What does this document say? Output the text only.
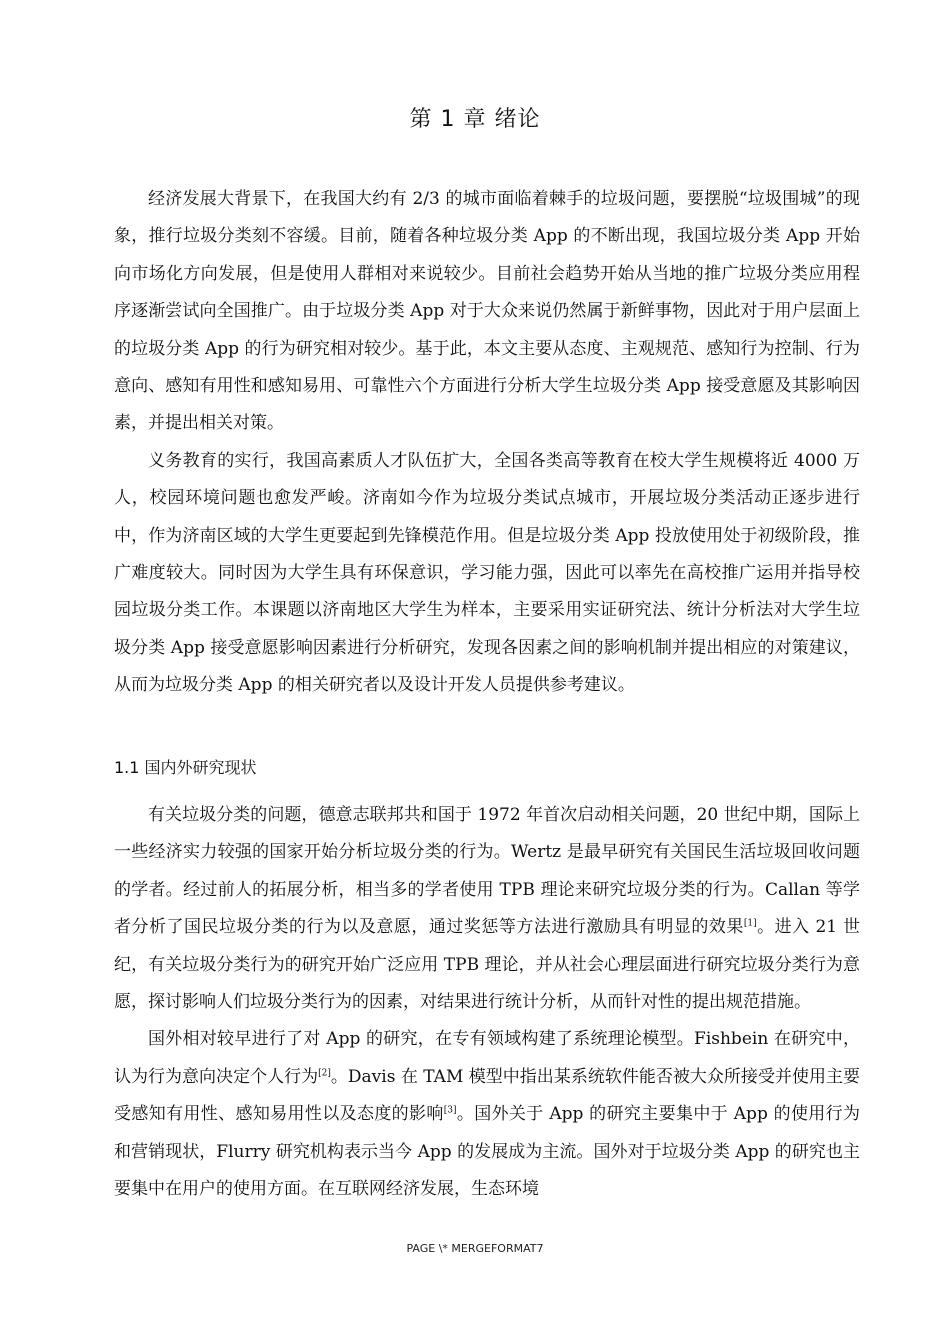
第 1 章 绪论

经济发展大背景下，在我国大约有 2/3 的城市面临着棘手的垃圾问题，要摆脱“垃圾围城”的现象，推行垃圾分类刻不容缓。目前，随着各种垃圾分类 App 的不断出现，我国垃圾分类 App 开始向市场化方向发展，但是使用人群相对来说较少。目前社会趋势开始从当地的推广垃圾分类应用程序逐渐尝试向全国推广。由于垃圾分类 App 对于大众来说仍然属于新鲜事物，因此对于用户层面上的垃圾分类 App 的行为研究相对较少。基于此，本文主要从态度、主观规范、感知行为控制、行为意向、感知有用性和感知易用、可靠性六个方面进行分析大学生垃圾分类 App 接受意愿及其影响因素，并提出相关对策。

义务教育的实行，我国高素质人才队伍扩大，全国各类高等教育在校大学生规模将近 4000 万人，校园环境问题也愈发严峻。济南如今作为垃圾分类试点城市，开展垃圾分类活动正逐步进行中，作为济南区域的大学生更要起到先锋模范作用。但是垃圾分类 App 投放使用处于初级阶段，推广难度较大。同时因为大学生具有环保意识，学习能力强，因此可以率先在高校推广运用并指导校园垃圾分类工作。本课题以济南地区大学生为样本，主要采用实证研究法、统计分析法对大学生垃圾分类 App 接受意愿影响因素进行分析研究，发现各因素之间的影响机制并提出相应的对策建议，从而为垃圾分类 App 的相关研究者以及设计开发人员提供参考建议。

1.1 国内外研究现状

有关垃圾分类的问题，德意志联邦共和国于 1972 年首次启动相关问题，20 世纪中期，国际上一些经济实力较强的国家开始分析垃圾分类的行为。Wertz 是最早研究有关国民生活垃圾回收问题的学者。经过前人的拓展分析，相当多的学者使用 TPB 理论来研究垃圾分类的行为。Callan 等学者分析了国民垃圾分类的行为以及意愿，通过奖惩等方法进行激励具有明显的效果[1]。进入 21 世纪，有关垃圾分类行为的研究开始广泛应用 TPB 理论，并从社会心理层面进行研究垃圾分类行为意愿，探讨影响人们垃圾分类行为的因素，对结果进行统计分析，从而针对性的提出规范措施。

国外相对较早进行了对 App 的研究，在专有领域构建了系统理论模型。Fishbein 在研究中，认为行为意向决定个人行为[2]。Davis 在 TAM 模型中指出某系统软件能否被大众所接受并使用主要受感知有用性、感知易用性以及态度的影响[3]。国外关于 App 的研究主要集中于 App 的使用行为和营销现状，Flurry 研究机构表示当今 App 的发展成为主流。国外对于垃圾分类 App 的研究也主要集中在用户的使用方面。在互联网经济发展，生态环境

PAGE \* MERGEFORMAT7
